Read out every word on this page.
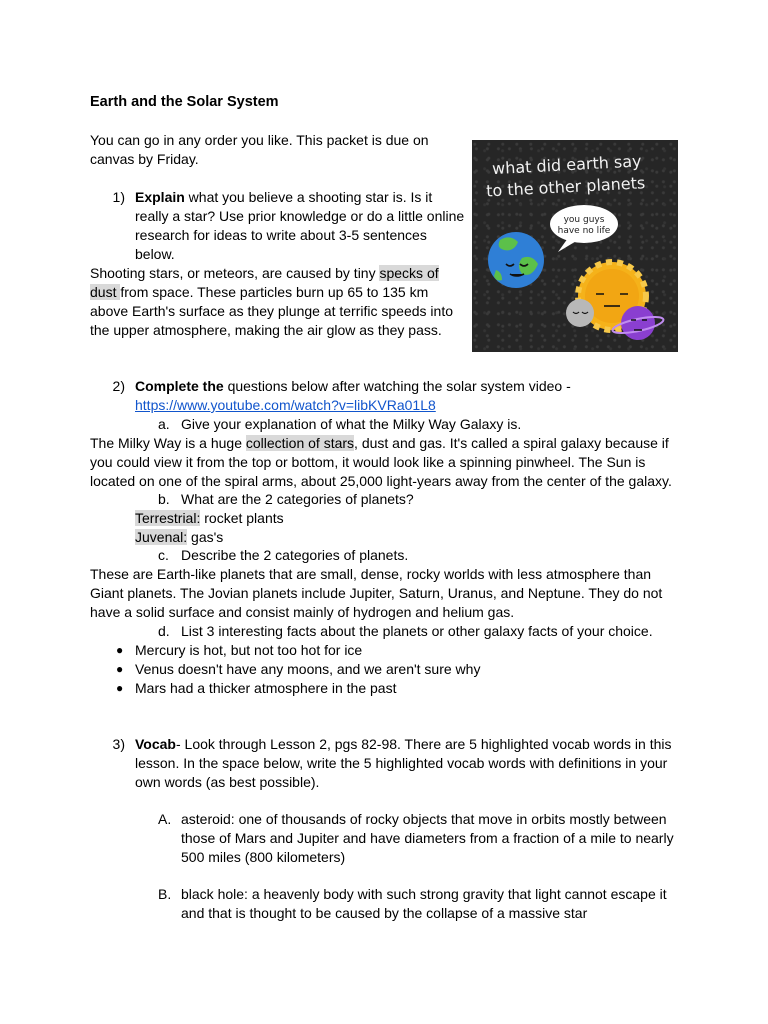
Earth and the Solar System
You can go in any order you like. This packet is due on
canvas by Friday.
1) Explain what you believe a shooting star is. Is it
really a star? Use prior knowledge or do a little online
research for ideas to write about 3-5 sentences
below.
Shooting stars, or meteors, are caused by tiny specks of
dust from space. These particles burn up 65 to 135 km
above Earth's surface as they plunge at terrific speeds into
the upper atmosphere, making the air glow as they pass.
what did earth say
to the other planets
you guys
have no life
2) Complete the questions below after watching the solar system video -
https://www.youtube.com/watch?v=libKVRa01L8
a. Give your explanation of what the Milky Way Galaxy is.
The Milky Way is a huge collection of stars, dust and gas. It's called a spiral galaxy because if
you could view it from the top or bottom, it would look like a spinning pinwheel. The Sun is
located on one of the spiral arms, about 25,000 light-years away from the center of the galaxy.
b. What are the 2 categories of planets?
Terrestrial: rocket plants
Juvenal: gas's
c. Describe the 2 categories of planets.
These are Earth-like planets that are small, dense, rocky worlds with less atmosphere than
Giant planets. The Jovian planets include Jupiter, Saturn, Uranus, and Neptune. They do not
have a solid surface and consist mainly of hydrogen and helium gas.
d. List 3 interesting facts about the planets or other galaxy facts of your choice.
● Mercury is hot, but not too hot for ice
● Venus doesn't have any moons, and we aren't sure why
● Mars had a thicker atmosphere in the past
3) Vocab- Look through Lesson 2, pgs 82-98. There are 5 highlighted vocab words in this
lesson. In the space below, write the 5 highlighted vocab words with definitions in your
own words (as best possible).
A. asteroid: one of thousands of rocky objects that move in orbits mostly between
those of Mars and Jupiter and have diameters from a fraction of a mile to nearly
500 miles (800 kilometers)
B. black hole: a heavenly body with such strong gravity that light cannot escape it
and that is thought to be caused by the collapse of a massive star
